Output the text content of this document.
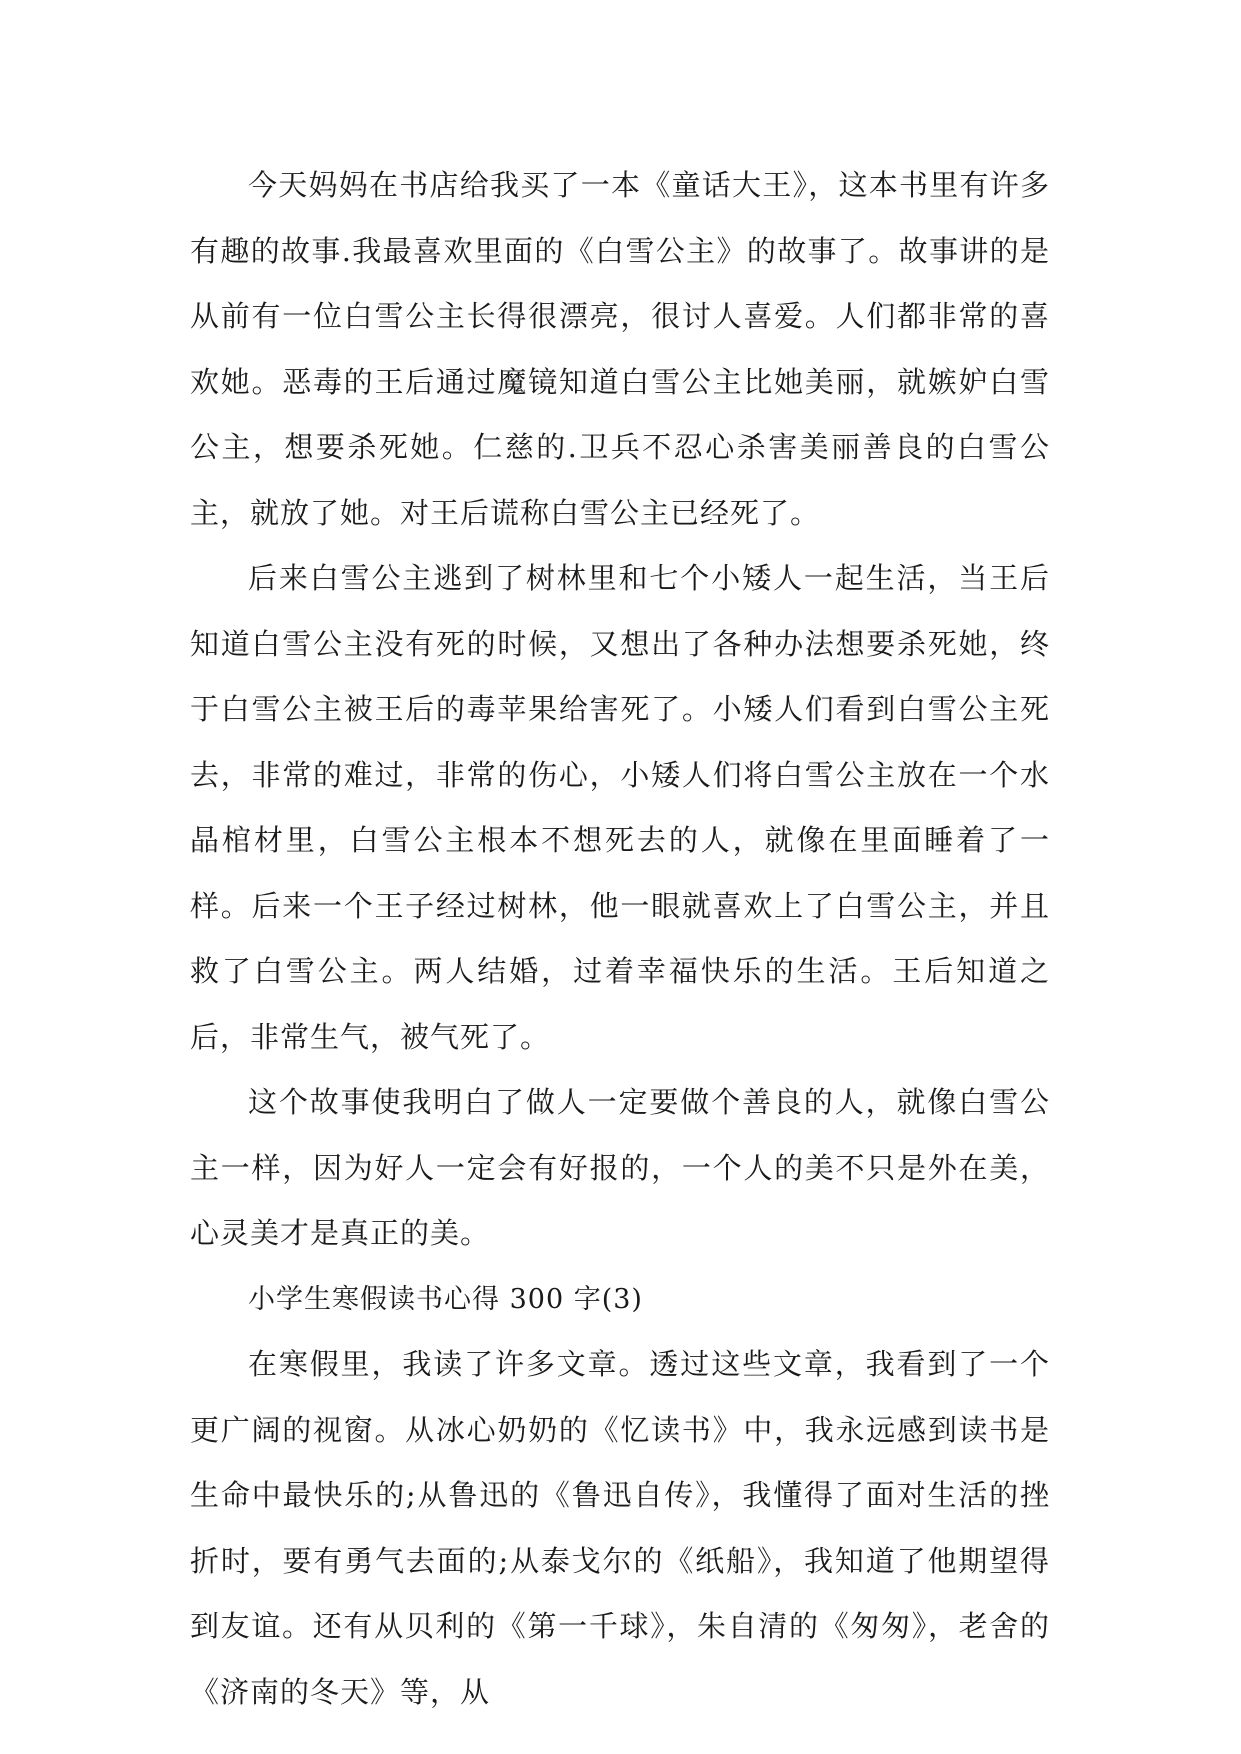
今天妈妈在书店给我买了一本《童话大王》，这本书里有许多有趣的故事.我最喜欢里面的《白雪公主》的故事了。故事讲的是从前有一位白雪公主长得很漂亮，很讨人喜爱。人们都非常的喜欢她。恶毒的王后通过魔镜知道白雪公主比她美丽，就嫉妒白雪公主，想要杀死她。仁慈的.卫兵不忍心杀害美丽善良的白雪公主，就放了她。对王后谎称白雪公主已经死了。

后来白雪公主逃到了树林里和七个小矮人一起生活，当王后知道白雪公主没有死的时候，又想出了各种办法想要杀死她，终于白雪公主被王后的毒苹果给害死了。小矮人们看到白雪公主死去，非常的难过，非常的伤心，小矮人们将白雪公主放在一个水晶棺材里，白雪公主根本不想死去的人，就像在里面睡着了一样。后来一个王子经过树林，他一眼就喜欢上了白雪公主，并且救了白雪公主。两人结婚，过着幸福快乐的生活。王后知道之后，非常生气，被气死了。

这个故事使我明白了做人一定要做个善良的人，就像白雪公主一样，因为好人一定会有好报的，一个人的美不只是外在美，心灵美才是真正的美。

小学生寒假读书心得 300 字(3)

在寒假里，我读了许多文章。透过这些文章，我看到了一个更广阔的视窗。从冰心奶奶的《忆读书》中，我永远感到读书是生命中最快乐的;从鲁迅的《鲁迅自传》，我懂得了面对生活的挫折时，要有勇气去面的;从泰戈尔的《纸船》，我知道了他期望得到友谊。还有从贝利的《第一千球》，朱自清的《匆匆》，老舍的《济南的冬天》等，从
